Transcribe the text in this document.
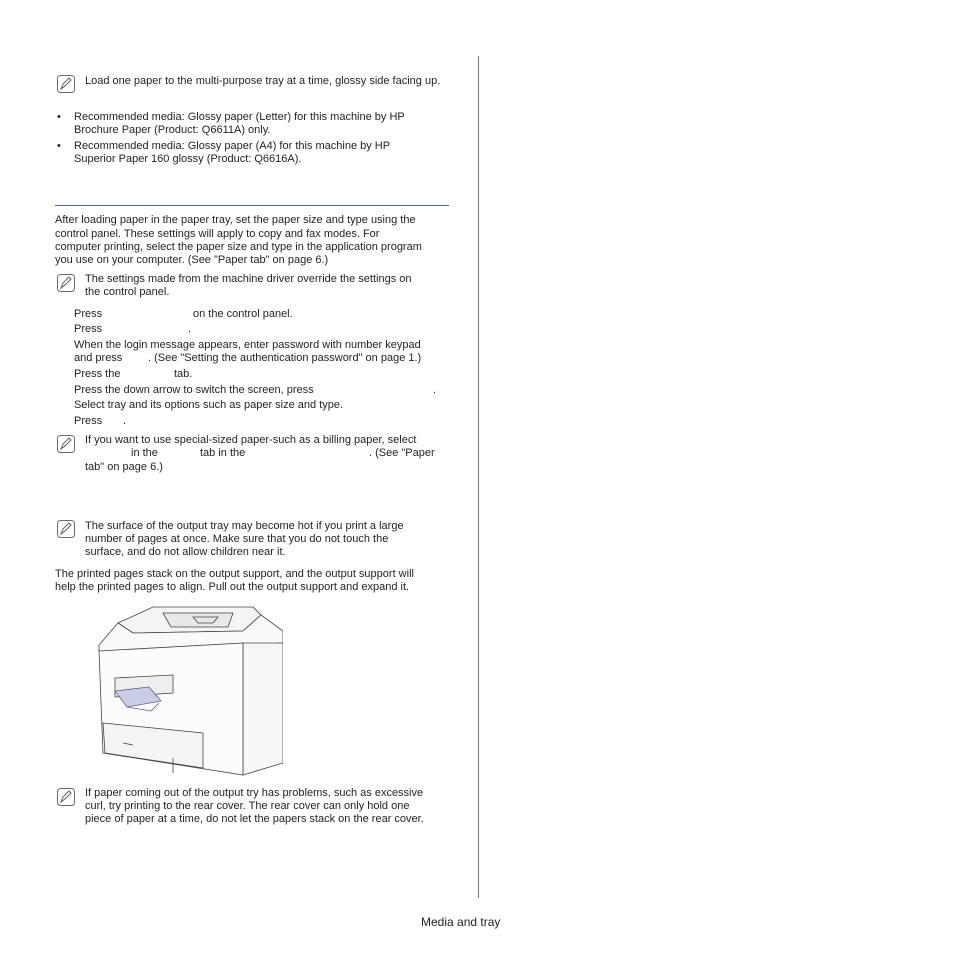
Load one paper to the multi-purpose tray at a time, glossy side facing up.
• Recommended media: Glossy paper (Letter) for this machine by HP
Brochure Paper (Product: Q6611A) only.
• Recommended media: Glossy paper (A4) for this machine by HP
Superior Paper 160 glossy (Product: Q6616A).
After loading paper in the paper tray, set the paper size and type using the
control panel. These settings will apply to copy and fax modes. For
computer printing, select the paper size and type in the application program
you use on your computer. (See "Paper tab" on page 6.)
The settings made from the machine driver override the settings on
the control panel.
Press	on the control panel.
Press	.
When the login message appears, enter password with number keypad
and press . (See "Setting the authentication password" on page 1.)
Press the	tab.
Press the down arrow to switch the screen, press	.
Select tray and its options such as paper size and type.
Press .
If you want to use special-sized paper-such as a billing paper, select
in the	tab in the	. (See "Paper
tab" on page 6.)
The surface of the output tray may become hot if you print a large
number of pages at once. Make sure that you do not touch the
surface, and do not allow children near it.
The printed pages stack on the output support, and the output support will
help the printed pages to align. Pull out the output support and expand it.
If paper coming out of the output try has problems, such as excessive
curl, try printing to the rear cover. The rear cover can only hold one
piece of paper at a time, do not let the papers stack on the rear cover.
Media and tray
